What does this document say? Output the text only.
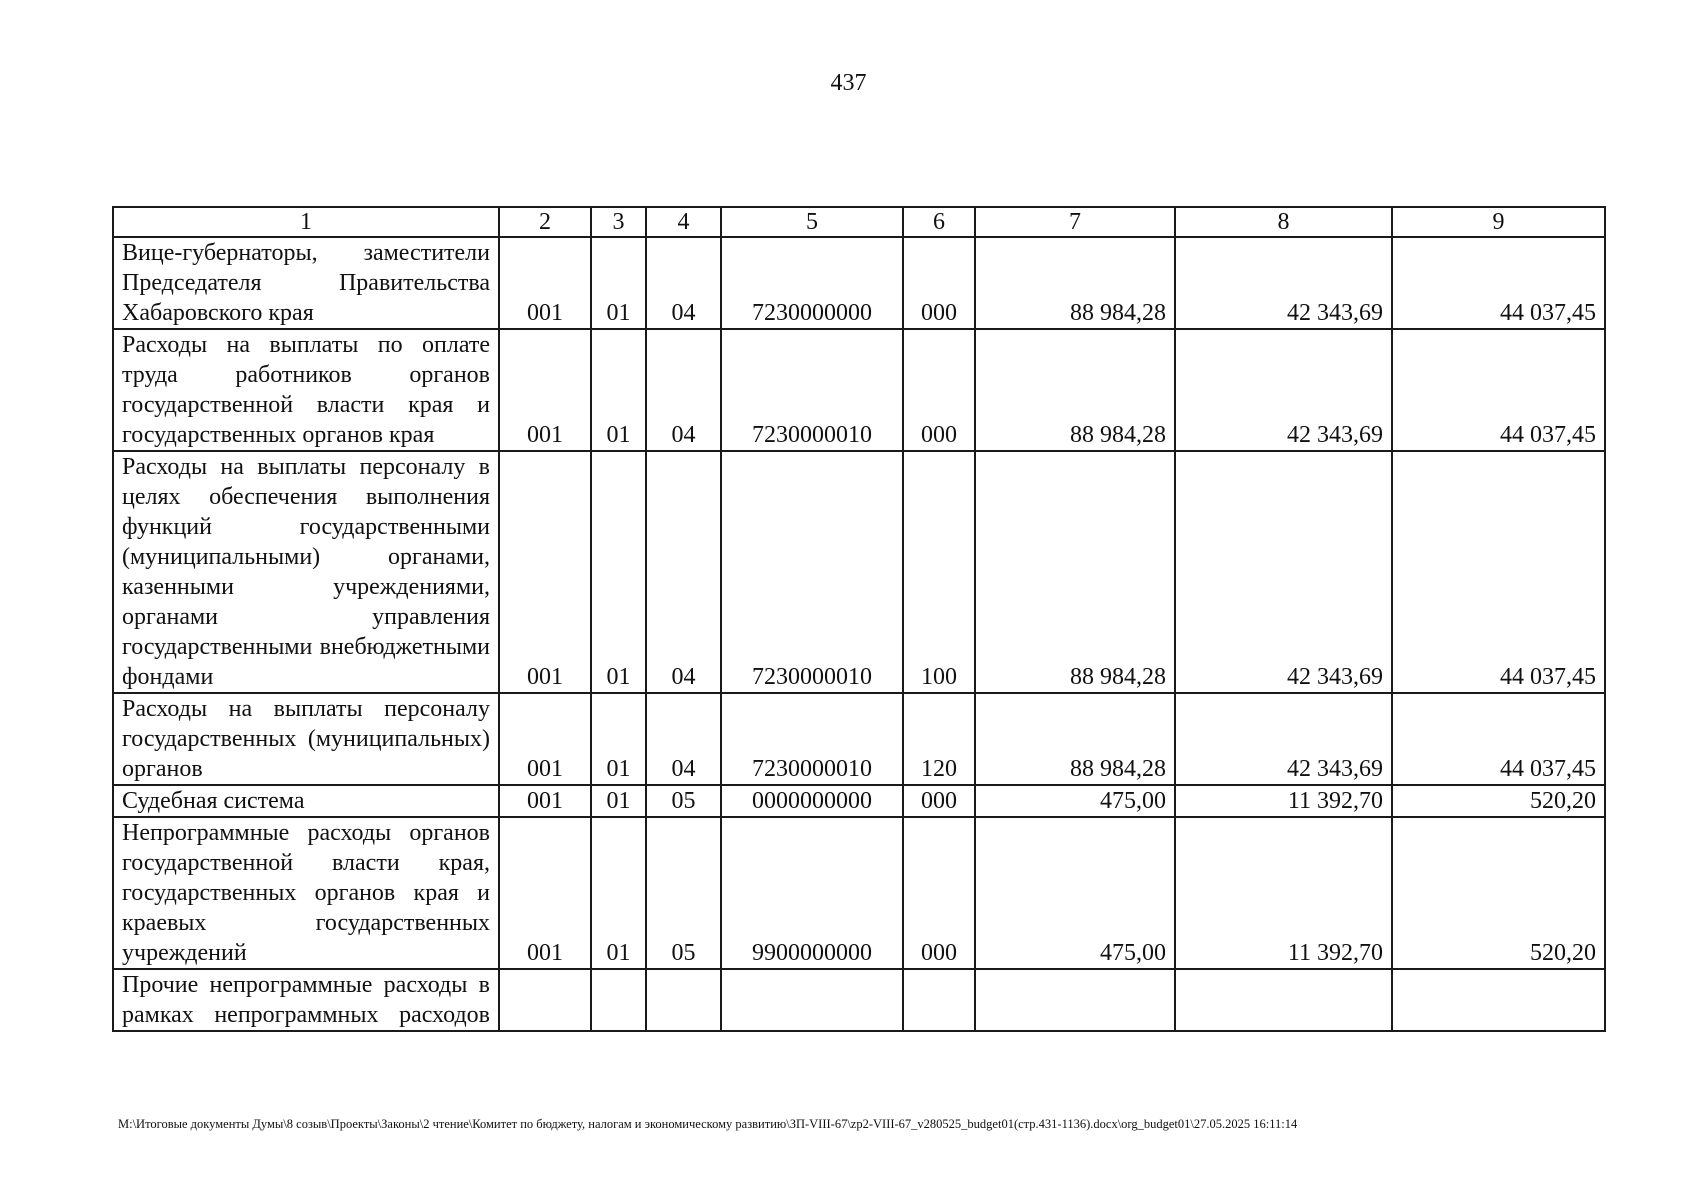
437
1	2	3	4	5	6	7	8	9
Вице-губернаторы, заместители Председателя Правительства Хабаровского края	001	01	04	7230000000	000	88 984,28	42 343,69	44 037,45
Расходы на выплаты по оплате труда работников органов государственной власти края и государственных органов края	001	01	04	7230000010	000	88 984,28	42 343,69	44 037,45
Расходы на выплаты персоналу в целях обеспечения выполнения функций государственными (муниципальными) органами, казенными учреждениями, органами управления государственными внебюджетными фондами	001	01	04	7230000010	100	88 984,28	42 343,69	44 037,45
Расходы на выплаты персоналу государственных (муниципальных) органов	001	01	04	7230000010	120	88 984,28	42 343,69	44 037,45
Судебная система	001	01	05	0000000000	000	475,00	11 392,70	520,20
Непрограммные расходы органов государственной власти края, государственных органов края и краевых государственных учреждений	001	01	05	9900000000	000	475,00	11 392,70	520,20
Прочие непрограммные расходы в рамках непрограммных расходов								
M:\Итоговые документы Думы\8 созыв\Проекты\Законы\2 чтение\Комитет по бюджету, налогам и экономическому развитию\ЗП-VIII-67\zp2-VIII-67_v280525_budget01(стр.431-1136).docx\org_budget01\27.05.2025 16:11:14
